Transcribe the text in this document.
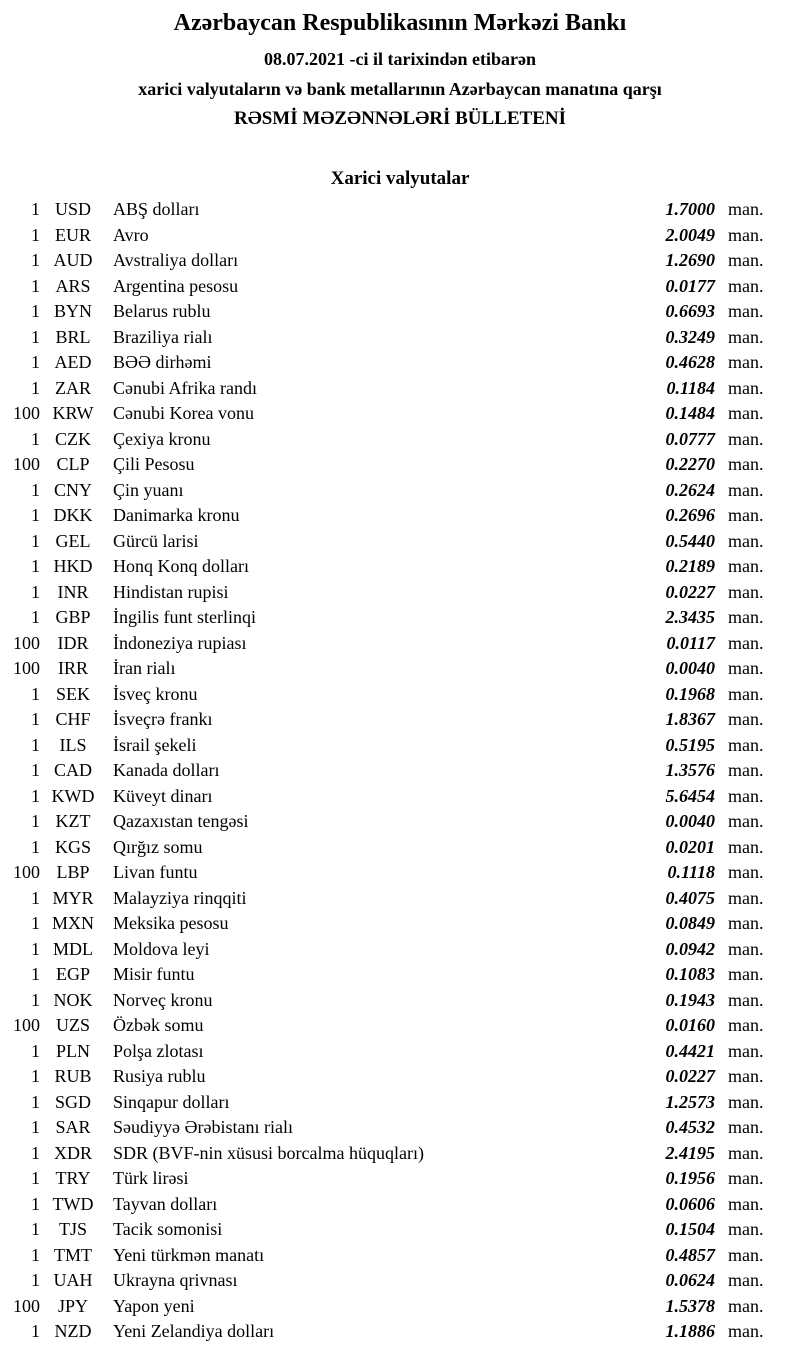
Azərbaycan Respublikasının Mərkəzi Bankı
08.07.2021 -ci il tarixindən etibarən
xarici valyutaların və bank metallarının Azərbaycan manatına qarşı
RƏSMİ MƏZƏNNƏLƏRİ BÜLLETENİ
Xarici valyutalar
1 USD	ABŞ dolları	1.7000 man.
1 EUR	Avro	2.0049 man.
1 AUD	Avstraliya dolları	1.2690 man.
1 ARS	Argentina pesosu	0.0177 man.
1 BYN	Belarus rublu	0.6693 man.
1 BRL	Braziliya rialı	0.3249 man.
1 AED	BƏƏ dirhəmi	0.4628 man.
1 ZAR	Cənubi Afrika randı	0.1184 man.
100 KRW	Cənubi Korea vonu	0.1484 man.
1 CZK	Çexiya kronu	0.0777 man.
100 CLP	Çili Pesosu	0.2270 man.
1 CNY	Çin yuanı	0.2624 man.
1 DKK	Danimarka kronu	0.2696 man.
1 GEL	Gürcü larisi	0.5440 man.
1 HKD	Honq Konq dolları	0.2189 man.
1 INR	Hindistan rupisi	0.0227 man.
1 GBP	İngilis funt sterlinqi	2.3435 man.
100 IDR	İndoneziya rupiası	0.0117 man.
100 IRR	İran rialı	0.0040 man.
1 SEK	İsveç kronu	0.1968 man.
1 CHF	İsveçrə frankı	1.8367 man.
1	ILS	İsrail şekeli	0.5195 man.
1 CAD	Kanada dolları	1.3576 man.
1 KWD	Küveyt dinarı	5.6454 man.
1 KZT	Qazaxıstan tengəsi	0.0040 man.
1 KGS	Qırğız somu	0.0201 man.
100 LBP	Livan funtu	0.1118 man.
1 MYR	Malayziya rinqqiti	0.4075 man.
1 MXN	Meksika pesosu	0.0849 man.
1 MDL	Moldova leyi	0.0942 man.
1 EGP	Misir funtu	0.1083 man.
1 NOK	Norveç kronu	0.1943 man.
100 UZS	Özbək somu	0.0160 man.
1 PLN	Polşa zlotası	0.4421 man.
1 RUB	Rusiya rublu	0.0227 man.
1 SGD	Sinqapur dolları	1.2573 man.
1 SAR	Səudiyyə Ərəbistanı rialı	0.4532 man.
1 XDR	SDR (BVF-nin xüsusi borcalma hüquqları)	2.4195 man.
1 TRY	Türk lirəsi	0.1956 man.
1 TWD	Tayvan dolları	0.0606 man.
1	TJS	Tacik somonisi	0.1504 man.
1 TMT	Yeni türkmən manatı	0.4857 man.
1 UAH	Ukrayna qrivnası	0.0624 man.
100 JPY	Yapon yeni	1.5378 man.
1 NZD	Yeni Zelandiya dolları	1.1886 man.
